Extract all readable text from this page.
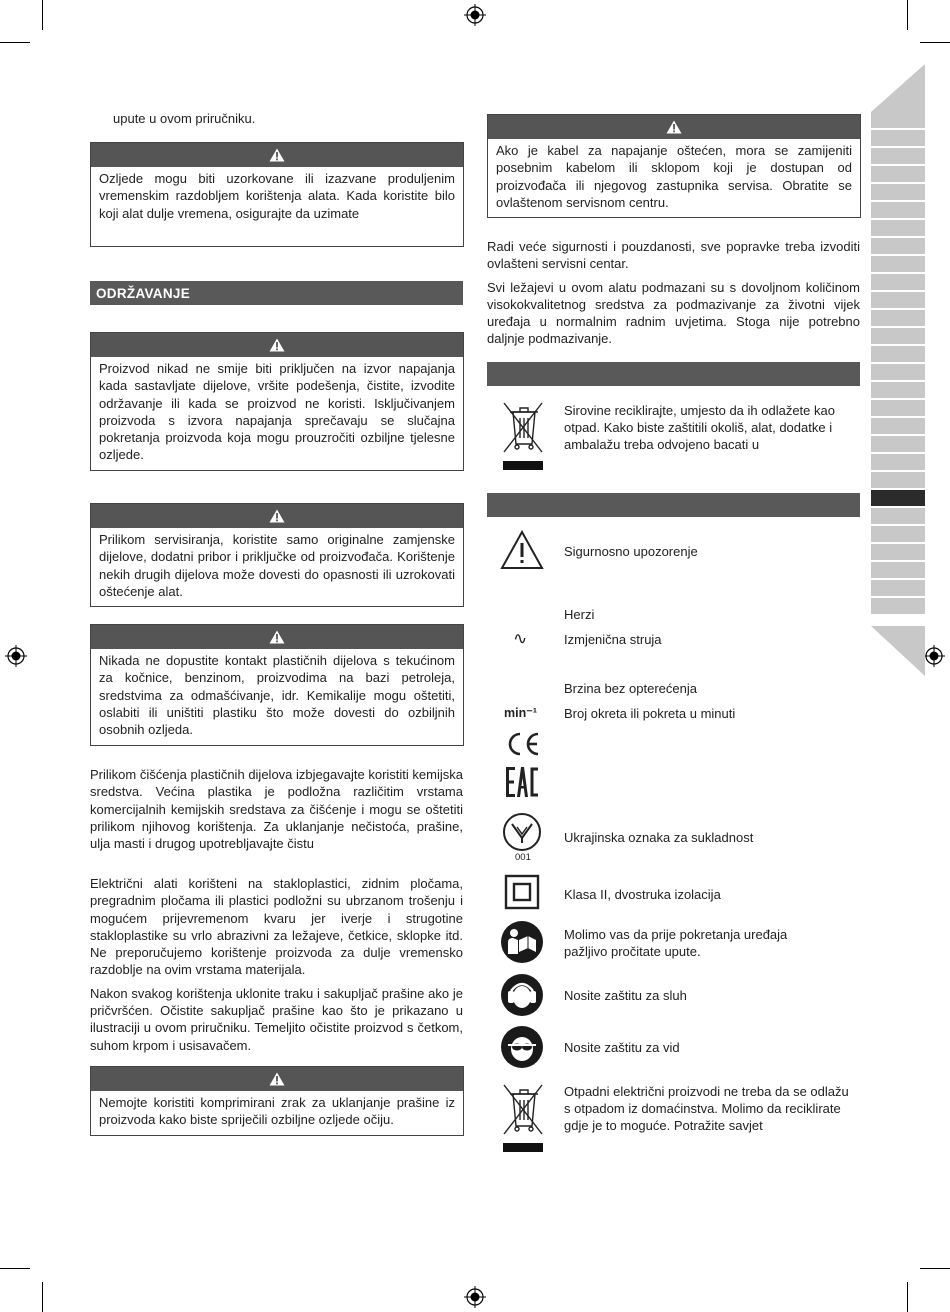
upute u ovom priručniku.
Ozljede mogu biti uzorkovane ili izazvane produljenim vremenskim razdobljem korištenja alata. Kada koristite bilo koji alat dulje vremena, osigurajte da uzimate
ODRŽAVANJE
Proizvod nikad ne smije biti priključen na izvor napajanja kada sastavljate dijelove, vršite podešenja, čistite, izvodite održavanje ili kada se proizvod ne koristi. Isključivanjem proizvoda s izvora napajanja sprečavaju se slučajna pokretanja proizvoda koja mogu prouzročiti ozbiljne tjelesne ozljede.
Prilikom servisiranja, koristite samo originalne zamjenske dijelove, dodatni pribor i priključke od proizvođača. Korištenje nekih drugih dijelova može dovesti do opasnosti ili uzrokovati oštećenje alat.
Nikada ne dopustite kontakt plastičnih dijelova s tekućinom za kočnice, benzinom, proizvodima na bazi petroleja, sredstvima za odmašćivanje, idr. Kemikalije mogu oštetiti, oslabiti ili uništiti plastiku što može dovesti do ozbiljnih osobnih ozljeda.

Prilikom čišćenja plastičnih dijelova izbjegavajte koristiti kemijska sredstva. Većina plastika je podložna različitim vrstama komercijalnih kemijskih sredstava za čišćenje i mogu se oštetiti prilikom njihovog korištenja. Za uklanjanje nečistoća, prašine, ulja masti i drugog upotrebljavajte čistu

Električni alati korišteni na stakloplastici, zidnim pločama, pregradnim pločama ili plastici podložni su ubrzanom trošenju i mogućem prijevremenom kvaru jer iverje i strugotine stakloplastike su vrlo abrazivni za ležajeve, četkice, sklopke itd. Ne preporučujemo korištenje proizvoda za dulje vremensko razdoblje na ovim vrstama materijala.

Nakon svakog korištenja uklonite traku i sakupljač prašine ako je pričvršćen. Očistite sakupljač prašine kao što je prikazano u ilustraciji u ovom priručniku. Temeljito očistite proizvod s četkom, suhom krpom i usisavačem.

Nemojte koristiti komprimirani zrak za uklanjanje prašine iz proizvoda kako biste spriječili ozbiljne ozljede očiju.
Ako je kabel za napajanje oštećen, mora se zamijeniti posebnim kabelom ili sklopom koji je dostupan od proizvođača ili njegovog zastupnika servisa. Obratite se ovlaštenom servisnom centru.

Radi veće sigurnosti i pouzdanosti, sve popravke treba izvoditi ovlašteni servisni centar.

Svi ležajevi u ovom alatu podmazani su s dovoljnom količinom visokokvalitetnog sredstva za podmazivanje za životni vijek uređaja u normalnim radnim uvjetima. Stoga nije potrebno daljnje podmazivanje.

Sirovine reciklirajte, umjesto da ih odlažete kao otpad. Kako biste zaštitili okoliš, alat, dodatke i ambalažu treba odvojeno bacati u
Sigurnosno upozorenje
Herzi
∿	Izmjenična struja
Brzina bez opterećenja
min⁻¹	Broj okreta ili pokreta u minuti
001
Ukrajinska oznaka za sukladnost
Klasa II, dvostruka izolacija
Molimo vas da prije pokretanja uređaja pažljivo pročitate upute.
Nosite zaštitu za sluh
Nosite zaštitu za vid
Otpadni električni proizvodi ne treba da se odlažu s otpadom iz domaćinstva. Molimo da reciklirate gdje je to moguće. Potražite savjet
